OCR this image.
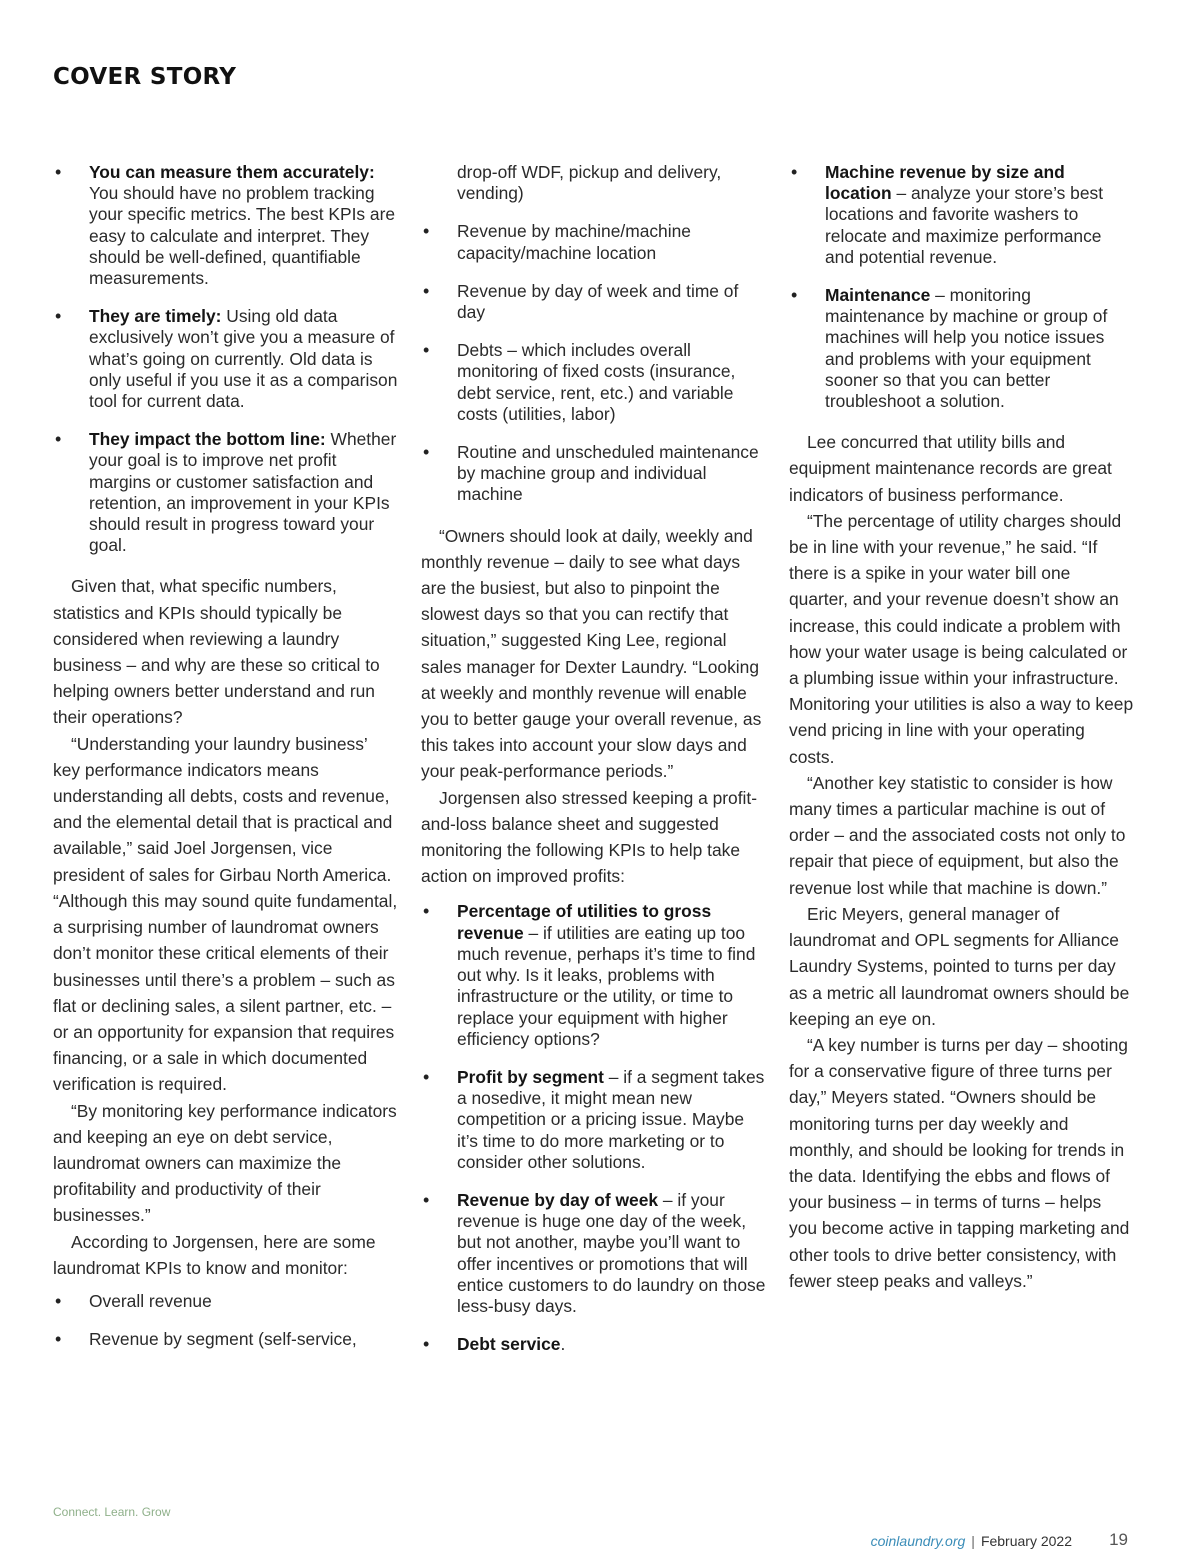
COVER STORY
• You can measure them accurately: You should have no problem tracking your specific metrics. The best KPIs are easy to calculate and interpret. They should be well-defined, quantifiable measurements.
• They are timely: Using old data exclusively won’t give you a measure of what’s going on currently. Old data is only useful if you use it as a comparison tool for current data.
• They impact the bottom line: Whether your goal is to improve net profit margins or customer satisfaction and retention, an improvement in your KPIs should result in progress toward your goal.

Given that, what specific numbers, statistics and KPIs should typically be considered when reviewing a laundry business – and why are these so critical to helping owners better understand and run their operations?

“Understanding your laundry business’ key performance indicators means understanding all debts, costs and revenue, and the elemental detail that is practical and available,” said Joel Jorgensen, vice president of sales for Girbau North America. “Although this may sound quite fundamental, a surprising number of laundromat owners don’t monitor these critical elements of their businesses until there’s a problem – such as flat or declining sales, a silent partner, etc. – or an opportunity for expansion that requires financing, or a sale in which documented verification is required.

“By monitoring key performance indicators and keeping an eye on debt service, laundromat owners can maximize the profitability and productivity of their businesses.”

According to Jorgensen, here are some laundromat KPIs to know and monitor:

• Overall revenue
• Revenue by segment (self-service,
drop-off WDF, pickup and delivery, vending)
• Revenue by machine/machine capacity/machine location
• Revenue by day of week and time of day
• Debts – which includes overall monitoring of fixed costs (insurance, debt service, rent, etc.) and variable costs (utilities, labor)
• Routine and unscheduled maintenance by machine group and individual machine

“Owners should look at daily, weekly and monthly revenue – daily to see what days are the busiest, but also to pinpoint the slowest days so that you can rectify that situation,” suggested King Lee, regional sales manager for Dexter Laundry. “Looking at weekly and monthly revenue will enable you to better gauge your overall revenue, as this takes into account your slow days and your peak-performance periods.”

Jorgensen also stressed keeping a profit-and-loss balance sheet and suggested monitoring the following KPIs to help take action on improved profits:

• Percentage of utilities to gross revenue – if utilities are eating up too much revenue, perhaps it’s time to find out why. Is it leaks, problems with infrastructure or the utility, or time to replace your equipment with higher efficiency options?
• Profit by segment – if a segment takes a nosedive, it might mean new competition or a pricing issue. Maybe it’s time to do more marketing or to consider other solutions.
• Revenue by day of week – if your revenue is huge one day of the week, but not another, maybe you’ll want to offer incentives or promotions that will entice customers to do laundry on those less-busy days.
• Debt service.
• Machine revenue by size and location – analyze your store’s best locations and favorite washers to relocate and maximize performance and potential revenue.
• Maintenance – monitoring maintenance by machine or group of machines will help you notice issues and problems with your equipment sooner so that you can better troubleshoot a solution.

Lee concurred that utility bills and equipment maintenance records are great indicators of business performance.

“The percentage of utility charges should be in line with your revenue,” he said. “If there is a spike in your water bill one quarter, and your revenue doesn’t show an increase, this could indicate a problem with how your water usage is being calculated or a plumbing issue within your infrastructure. Monitoring your utilities is also a way to keep vend pricing in line with your operating costs.

“Another key statistic to consider is how many times a particular machine is out of order – and the associated costs not only to repair that piece of equipment, but also the revenue lost while that machine is down.”

Eric Meyers, general manager of laundromat and OPL segments for Alliance Laundry Systems, pointed to turns per day as a metric all laundromat owners should be keeping an eye on.

“A key number is turns per day – shooting for a conservative figure of three turns per day,” Meyers stated. “Owners should be monitoring turns per day weekly and monthly, and should be looking for trends in the data. Identifying the ebbs and flows of your business – in terms of turns – helps you become active in tapping marketing and other tools to drive better consistency, with fewer steep peaks and valleys.”

Connect. Learn. Grow
coinlaundry.org | February 2022 19
